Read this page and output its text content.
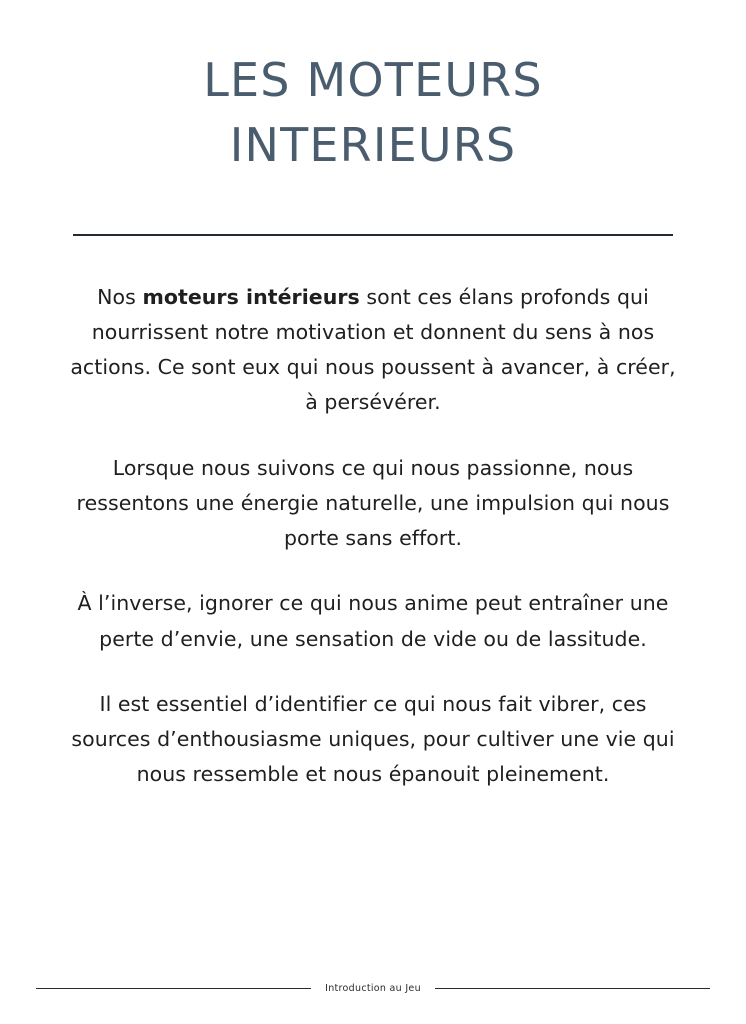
LES MOTEURS INTERIEURS

Nos moteurs intérieurs sont ces élans profonds qui nourrissent notre motivation et donnent du sens à nos actions. Ce sont eux qui nous poussent à avancer, à créer, à persévérer.

Lorsque nous suivons ce qui nous passionne, nous ressentons une énergie naturelle, une impulsion qui nous porte sans effort.

À l’inverse, ignorer ce qui nous anime peut entraîner une perte d’envie, une sensation de vide ou de lassitude.

Il est essentiel d’identifier ce qui nous fait vibrer, ces sources d’enthousiasme uniques, pour cultiver une vie qui nous ressemble et nous épanouit pleinement.

Introduction au Jeu
